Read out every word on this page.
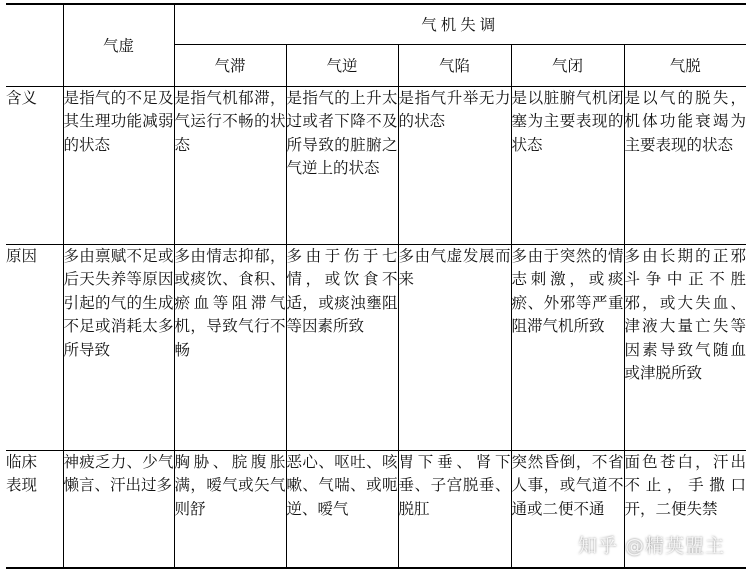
	气虚	气机失调				
		气滞	气逆	气陷	气闭	气脱
含义	是指气的不足及其生理功能减弱的状态	是指气机郁滞，气运行不畅的状态	是指气的上升太过或者下降不及所导致的脏腑之气逆上的状态	是指气升举无力的状态	是以脏腑气机闭塞为主要表现的状态	是以气的脱失，机体功能衰竭为主要表现的状态
原因	多由禀赋不足或后天失养等原因引起的气的生成不足或消耗太多所导致	多由情志抑郁，或痰饮、食积、瘀血等阻滞气机，导致气行不畅	多由于伤于七情，或饮食不适，或痰浊壅阻等因素所致	多由气虚发展而来	多由于突然的情志刺激，或痰瘀、外邪等严重阻滞气机所致	多由长期的正邪斗争中正不胜邪，或大失血、津液大量亡失等因素导致气随血或津脱所致

临床表现	神疲乏力、少气懒言、汗出过多	胸胁、脘腹胀满，嗳气或矢气则舒	恶心、呕吐、咳嗽、气喘、或呃逆、嗳气	胃下垂、肾下垂、子宫脱垂、脱肛	突然昏倒，不省人事，或气道不通或二便不通	面色苍白，汗出不止，手撒口开，二便失禁
知乎 @精英盟主
